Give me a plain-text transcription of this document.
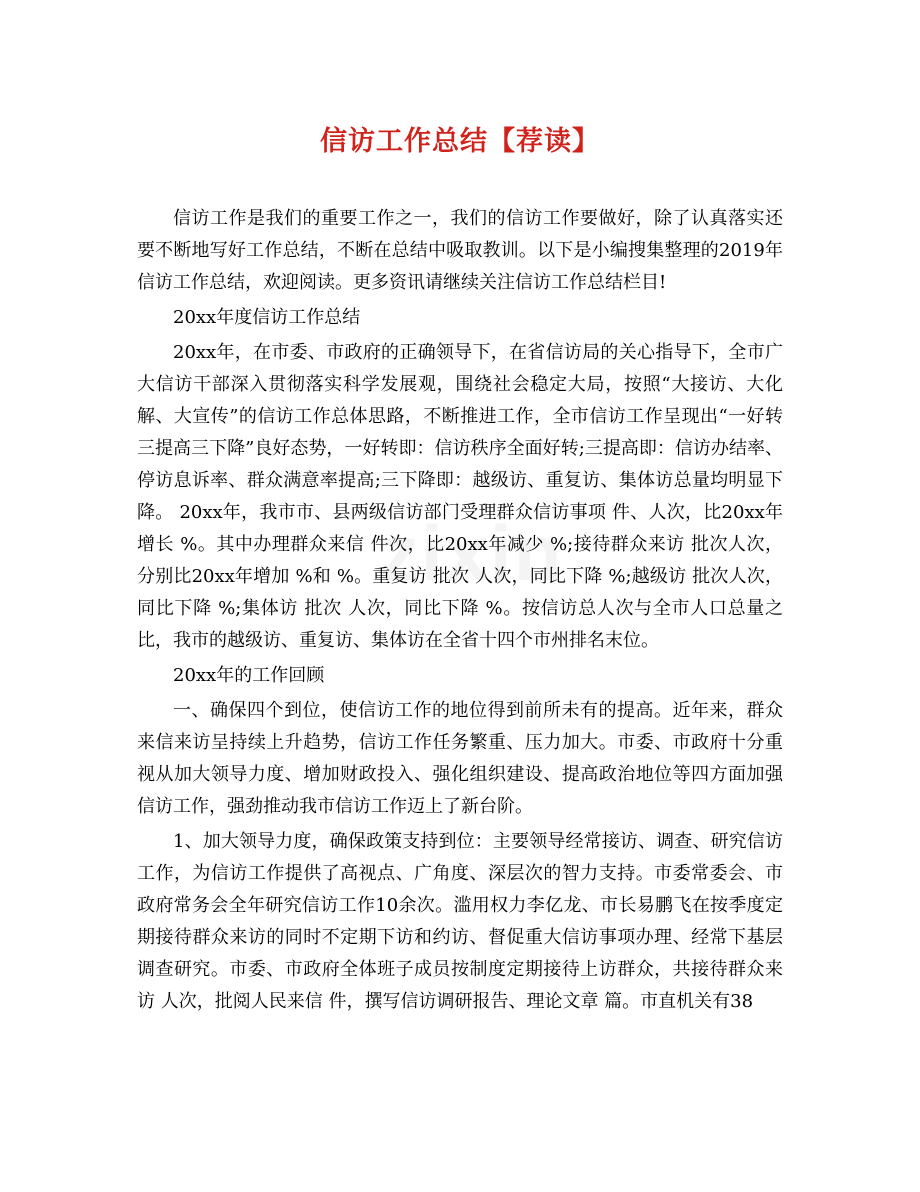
zixin
信访工作总结【荐读】

信访工作是我们的重要工作之一，我们的信访工作要做好，除了认真落实还要不断地写好工作总结，不断在总结中吸取教训。以下是小编搜集整理的2019年信访工作总结，欢迎阅读。更多资讯请继续关注信访工作总结栏目!

20xx年度信访工作总结

20xx年，在市委、市政府的正确领导下，在省信访局的关心指导下，全市广大信访干部深入贯彻落实科学发展观，围绕社会稳定大局，按照“大接访、大化解、大宣传”的信访工作总体思路，不断推进工作，全市信访工作呈现出“一好转三提高三下降”良好态势，一好转即：信访秩序全面好转;三提高即：信访办结率、停访息诉率、群众满意率提高;三下降即：越级访、重复访、集体访总量均明显下降。 20xx年，我市市、县两级信访部门受理群众信访事项 件、人次，比20xx年增长 %。其中办理群众来信 件次，比20xx年减少 %;接待群众来访 批次人次，分别比20xx年增加 %和 %。重复访 批次 人次，同比下降 %;越级访 批次人次，同比下降 %;集体访 批次 人次，同比下降 %。按信访总人次与全市人口总量之比，我市的越级访、重复访、集体访在全省十四个市州排名末位。

20xx年的工作回顾

一、确保四个到位，使信访工作的地位得到前所未有的提高。近年来，群众来信来访呈持续上升趋势，信访工作任务繁重、压力加大。市委、市政府十分重视从加大领导力度、增加财政投入、强化组织建设、提高政治地位等四方面加强信访工作，强劲推动我市信访工作迈上了新台阶。

1、加大领导力度，确保政策支持到位：主要领导经常接访、调查、研究信访工作，为信访工作提供了高视点、广角度、深层次的智力支持。市委常委会、市政府常务会全年研究信访工作10余次。滥用权力李亿龙、市长易鹏飞在按季度定期接待群众来访的同时不定期下访和约访、督促重大信访事项办理、经常下基层调查研究。市委、市政府全体班子成员按制度定期接待上访群众，共接待群众来访 人次，批阅人民来信 件，撰写信访调研报告、理论文章 篇。市直机关有38
